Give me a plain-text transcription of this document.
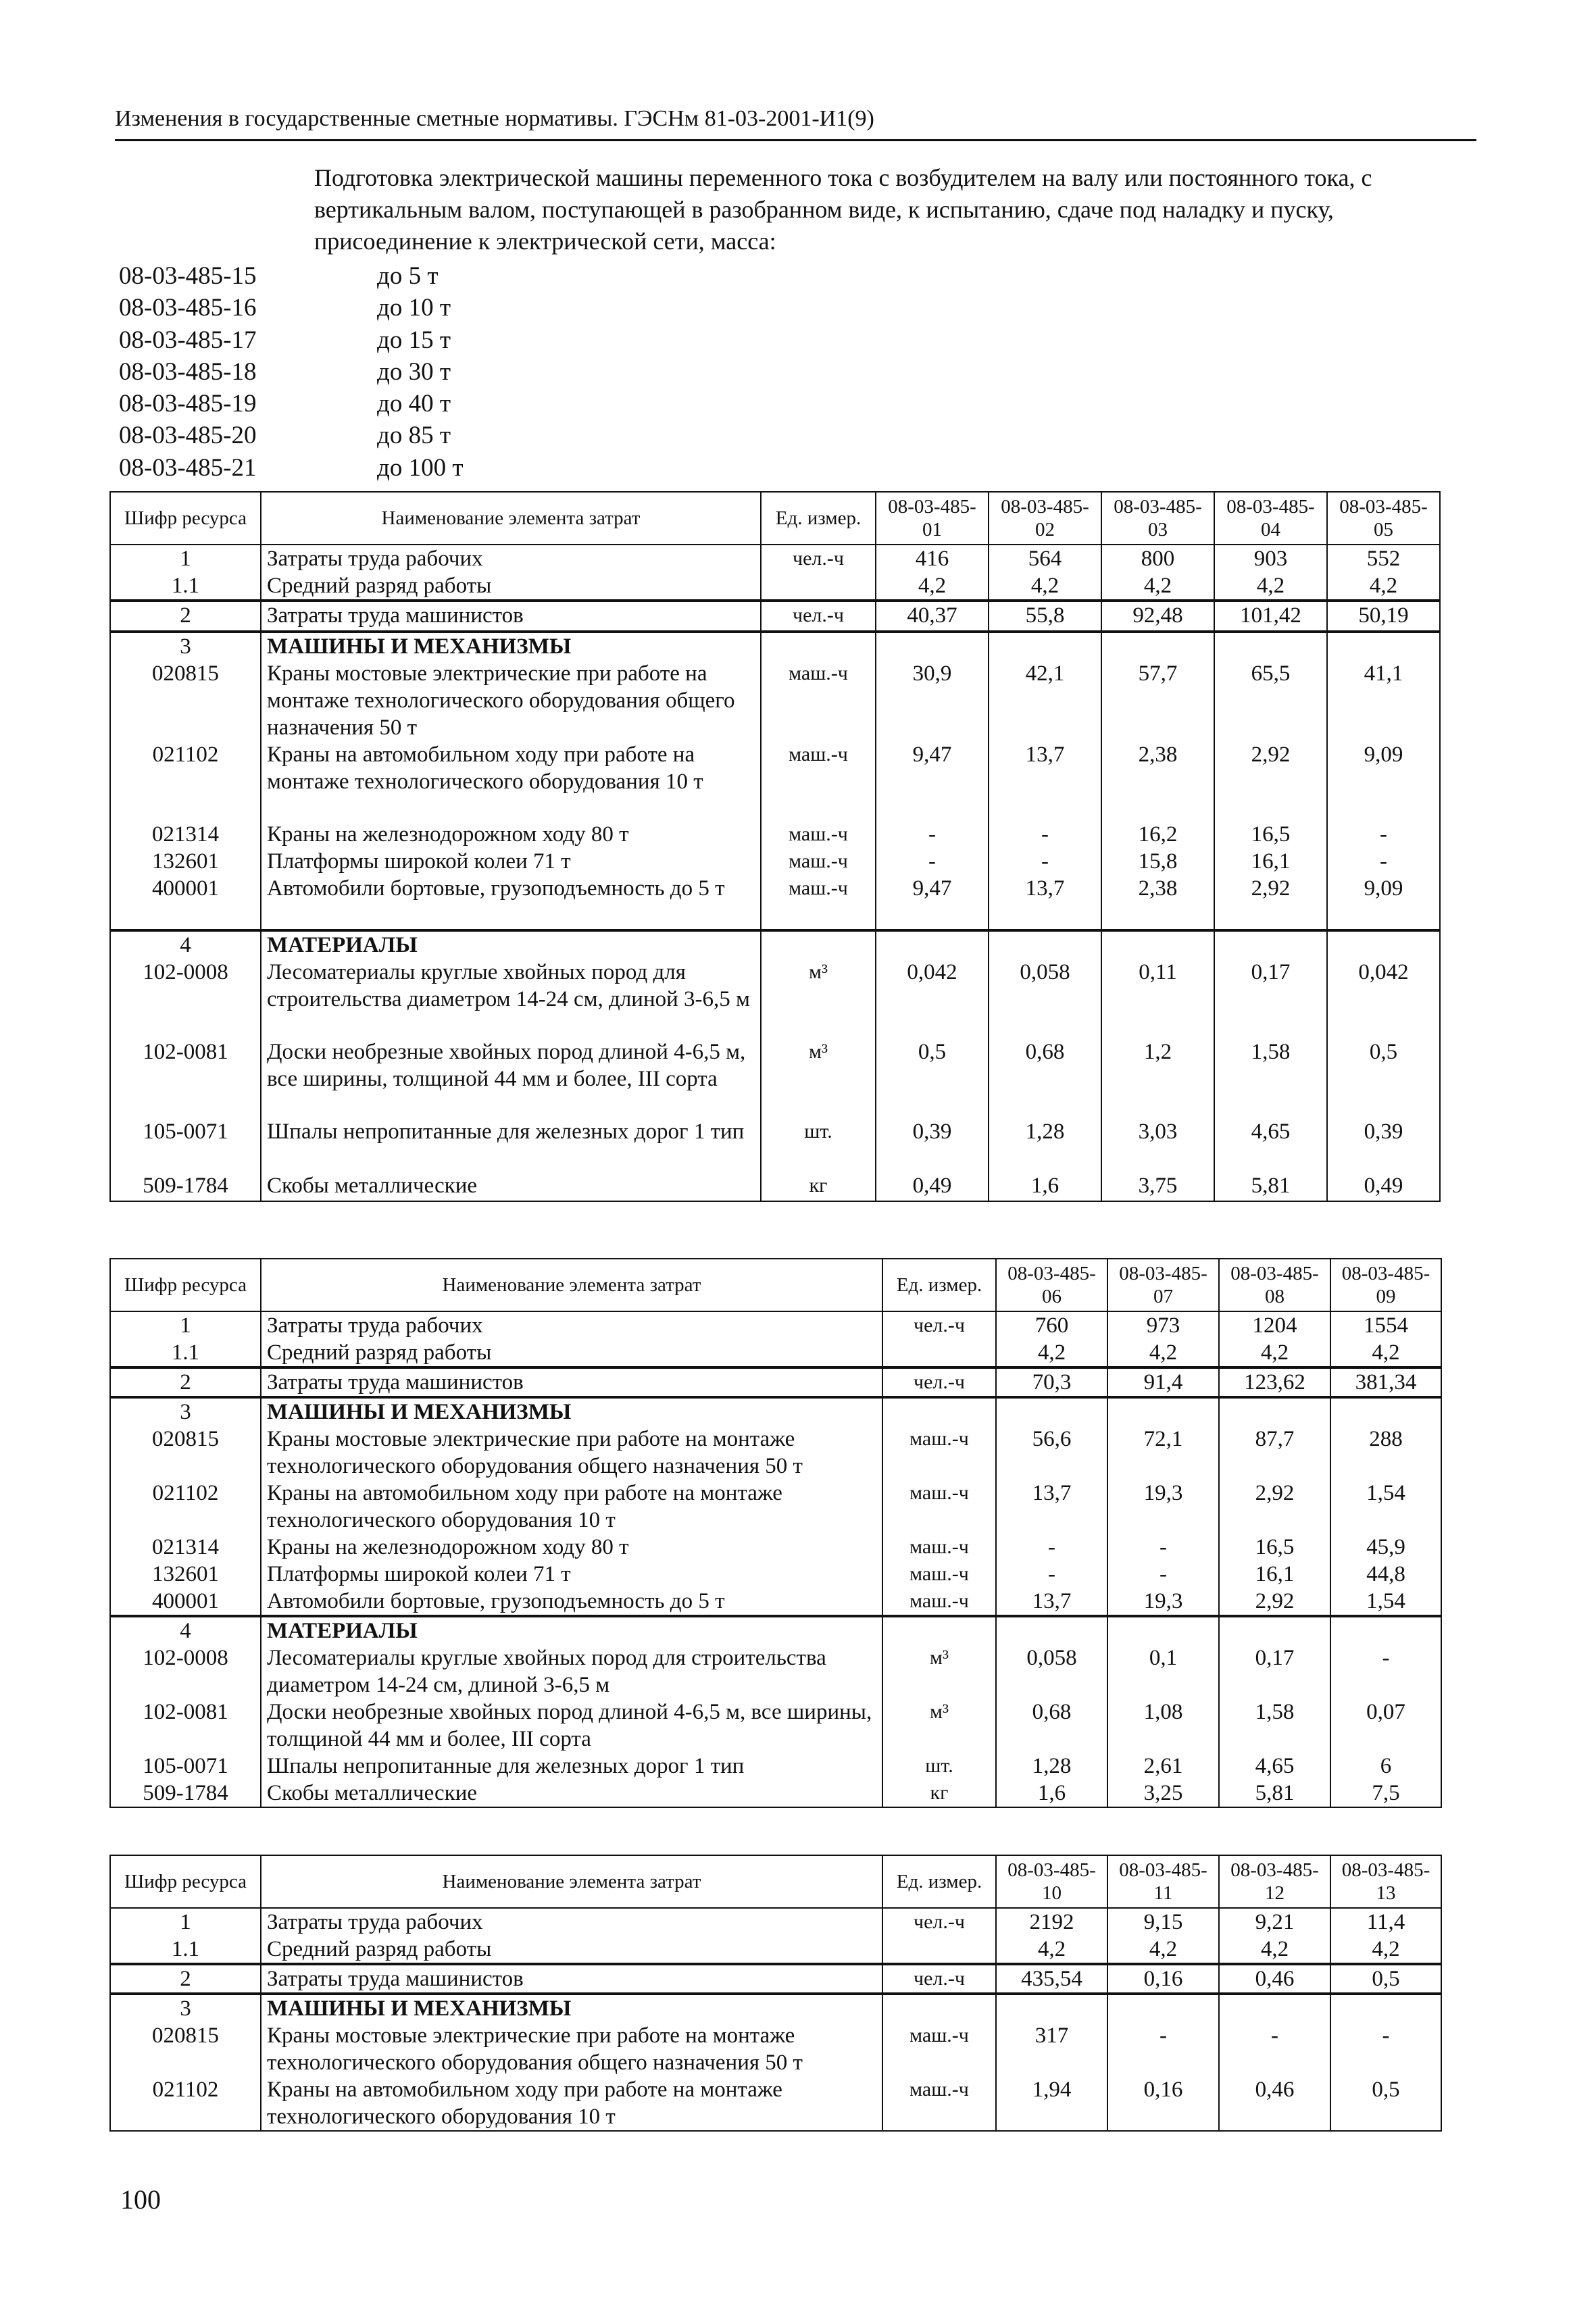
Изменения в государственные сметные нормативы. ГЭСНм 81-03-2001-И1(9)
Подготовка электрической машины переменного тока с возбудителем на валу или постоянного тока, с вертикальным валом, поступающей в разобранном виде, к испытанию, сдаче под наладку и пуску, присоединение к электрической сети, масса:
08-03-485-15	до 5 т
08-03-485-16	до 10 т
08-03-485-17	до 15 т
08-03-485-18	до 30 т
08-03-485-19	до 40 т
08-03-485-20	до 85 т
08-03-485-21	до 100 т
Шифр ресурса	Наименование элемента затрат	Ед. измер.	08-03-485-01	08-03-485-02	08-03-485-03	08-03-485-04	08-03-485-05
1	Затраты труда рабочих	чел.-ч	416	564	800	903	552
1.1	Средний разряд работы		4,2	4,2	4,2	4,2	4,2
2	Затраты труда машинистов	чел.-ч	40,37	55,8	92,48	101,42	50,19
3	МАШИНЫ И МЕХАНИЗМЫ						
020815	Краны мостовые электрические при работе на монтаже технологического оборудования общего назначения 50 т	маш.-ч	30,9	42,1	57,7	65,5	41,1
021102	Краны на автомобильном ходу при работе на монтаже технологического оборудования 10 т	маш.-ч	9,47	13,7	2,38	2,92	9,09
021314	Краны на железнодорожном ходу 80 т	маш.-ч	-	-	16,2	16,5	-
132601	Платформы широкой колеи 71 т	маш.-ч	-	-	15,8	16,1	-
400001	Автомобили бортовые, грузоподъемность до 5 т	маш.-ч	9,47	13,7	2,38	2,92	9,09
4	МАТЕРИАЛЫ						
102-0008	Лесоматериалы круглые хвойных пород для строительства диаметром 14-24 см, длиной 3-6,5 м	м³	0,042	0,058	0,11	0,17	0,042
102-0081	Доски необрезные хвойных пород длиной 4-6,5 м, все ширины, толщиной 44 мм и более, III сорта	м³	0,5	0,68	1,2	1,58	0,5
105-0071	Шпалы непропитанные для железных дорог 1 тип	шт.	0,39	1,28	3,03	4,65	0,39
509-1784	Скобы металлические	кг	0,49	1,6	3,75	5,81	0,49
Шифр ресурса	Наименование элемента затрат	Ед. измер.	08-03-485-06	08-03-485-07	08-03-485-08	08-03-485-09
1	Затраты труда рабочих	чел.-ч	760	973	1204	1554
1.1	Средний разряд работы		4,2	4,2	4,2	4,2
2	Затраты труда машинистов	чел.-ч	70,3	91,4	123,62	381,34
3	МАШИНЫ И МЕХАНИЗМЫ					
020815	Краны мостовые электрические при работе на монтаже технологического оборудования общего назначения 50 т	маш.-ч	56,6	72,1	87,7	288
021102	Краны на автомобильном ходу при работе на монтаже технологического оборудования 10 т	маш.-ч	13,7	19,3	2,92	1,54
021314	Краны на железнодорожном ходу 80 т	маш.-ч	-	-	16,5	45,9
132601	Платформы широкой колеи 71 т	маш.-ч	-	-	16,1	44,8
400001	Автомобили бортовые, грузоподъемность до 5 т	маш.-ч	13,7	19,3	2,92	1,54
4	МАТЕРИАЛЫ					
102-0008	Лесоматериалы круглые хвойных пород для строительства диаметром 14-24 см, длиной 3-6,5 м	м³	0,058	0,1	0,17	-
102-0081	Доски необрезные хвойных пород длиной 4-6,5 м, все ширины, толщиной 44 мм и более, III сорта	м³	0,68	1,08	1,58	0,07
105-0071	Шпалы непропитанные для железных дорог 1 тип	шт.	1,28	2,61	4,65	6
509-1784	Скобы металлические	кг	1,6	3,25	5,81	7,5
Шифр ресурса	Наименование элемента затрат	Ед. измер.	08-03-485-10	08-03-485-11	08-03-485-12	08-03-485-13
1	Затраты труда рабочих	чел.-ч	2192	9,15	9,21	11,4
1.1	Средний разряд работы		4,2	4,2	4,2	4,2
2	Затраты труда машинистов	чел.-ч	435,54	0,16	0,46	0,5
3	МАШИНЫ И МЕХАНИЗМЫ					
020815	Краны мостовые электрические при работе на монтаже технологического оборудования общего назначения 50 т	маш.-ч	317	-	-	-
021102	Краны на автомобильном ходу при работе на монтаже технологического оборудования 10 т	маш.-ч	1,94	0,16	0,46	0,5
100
